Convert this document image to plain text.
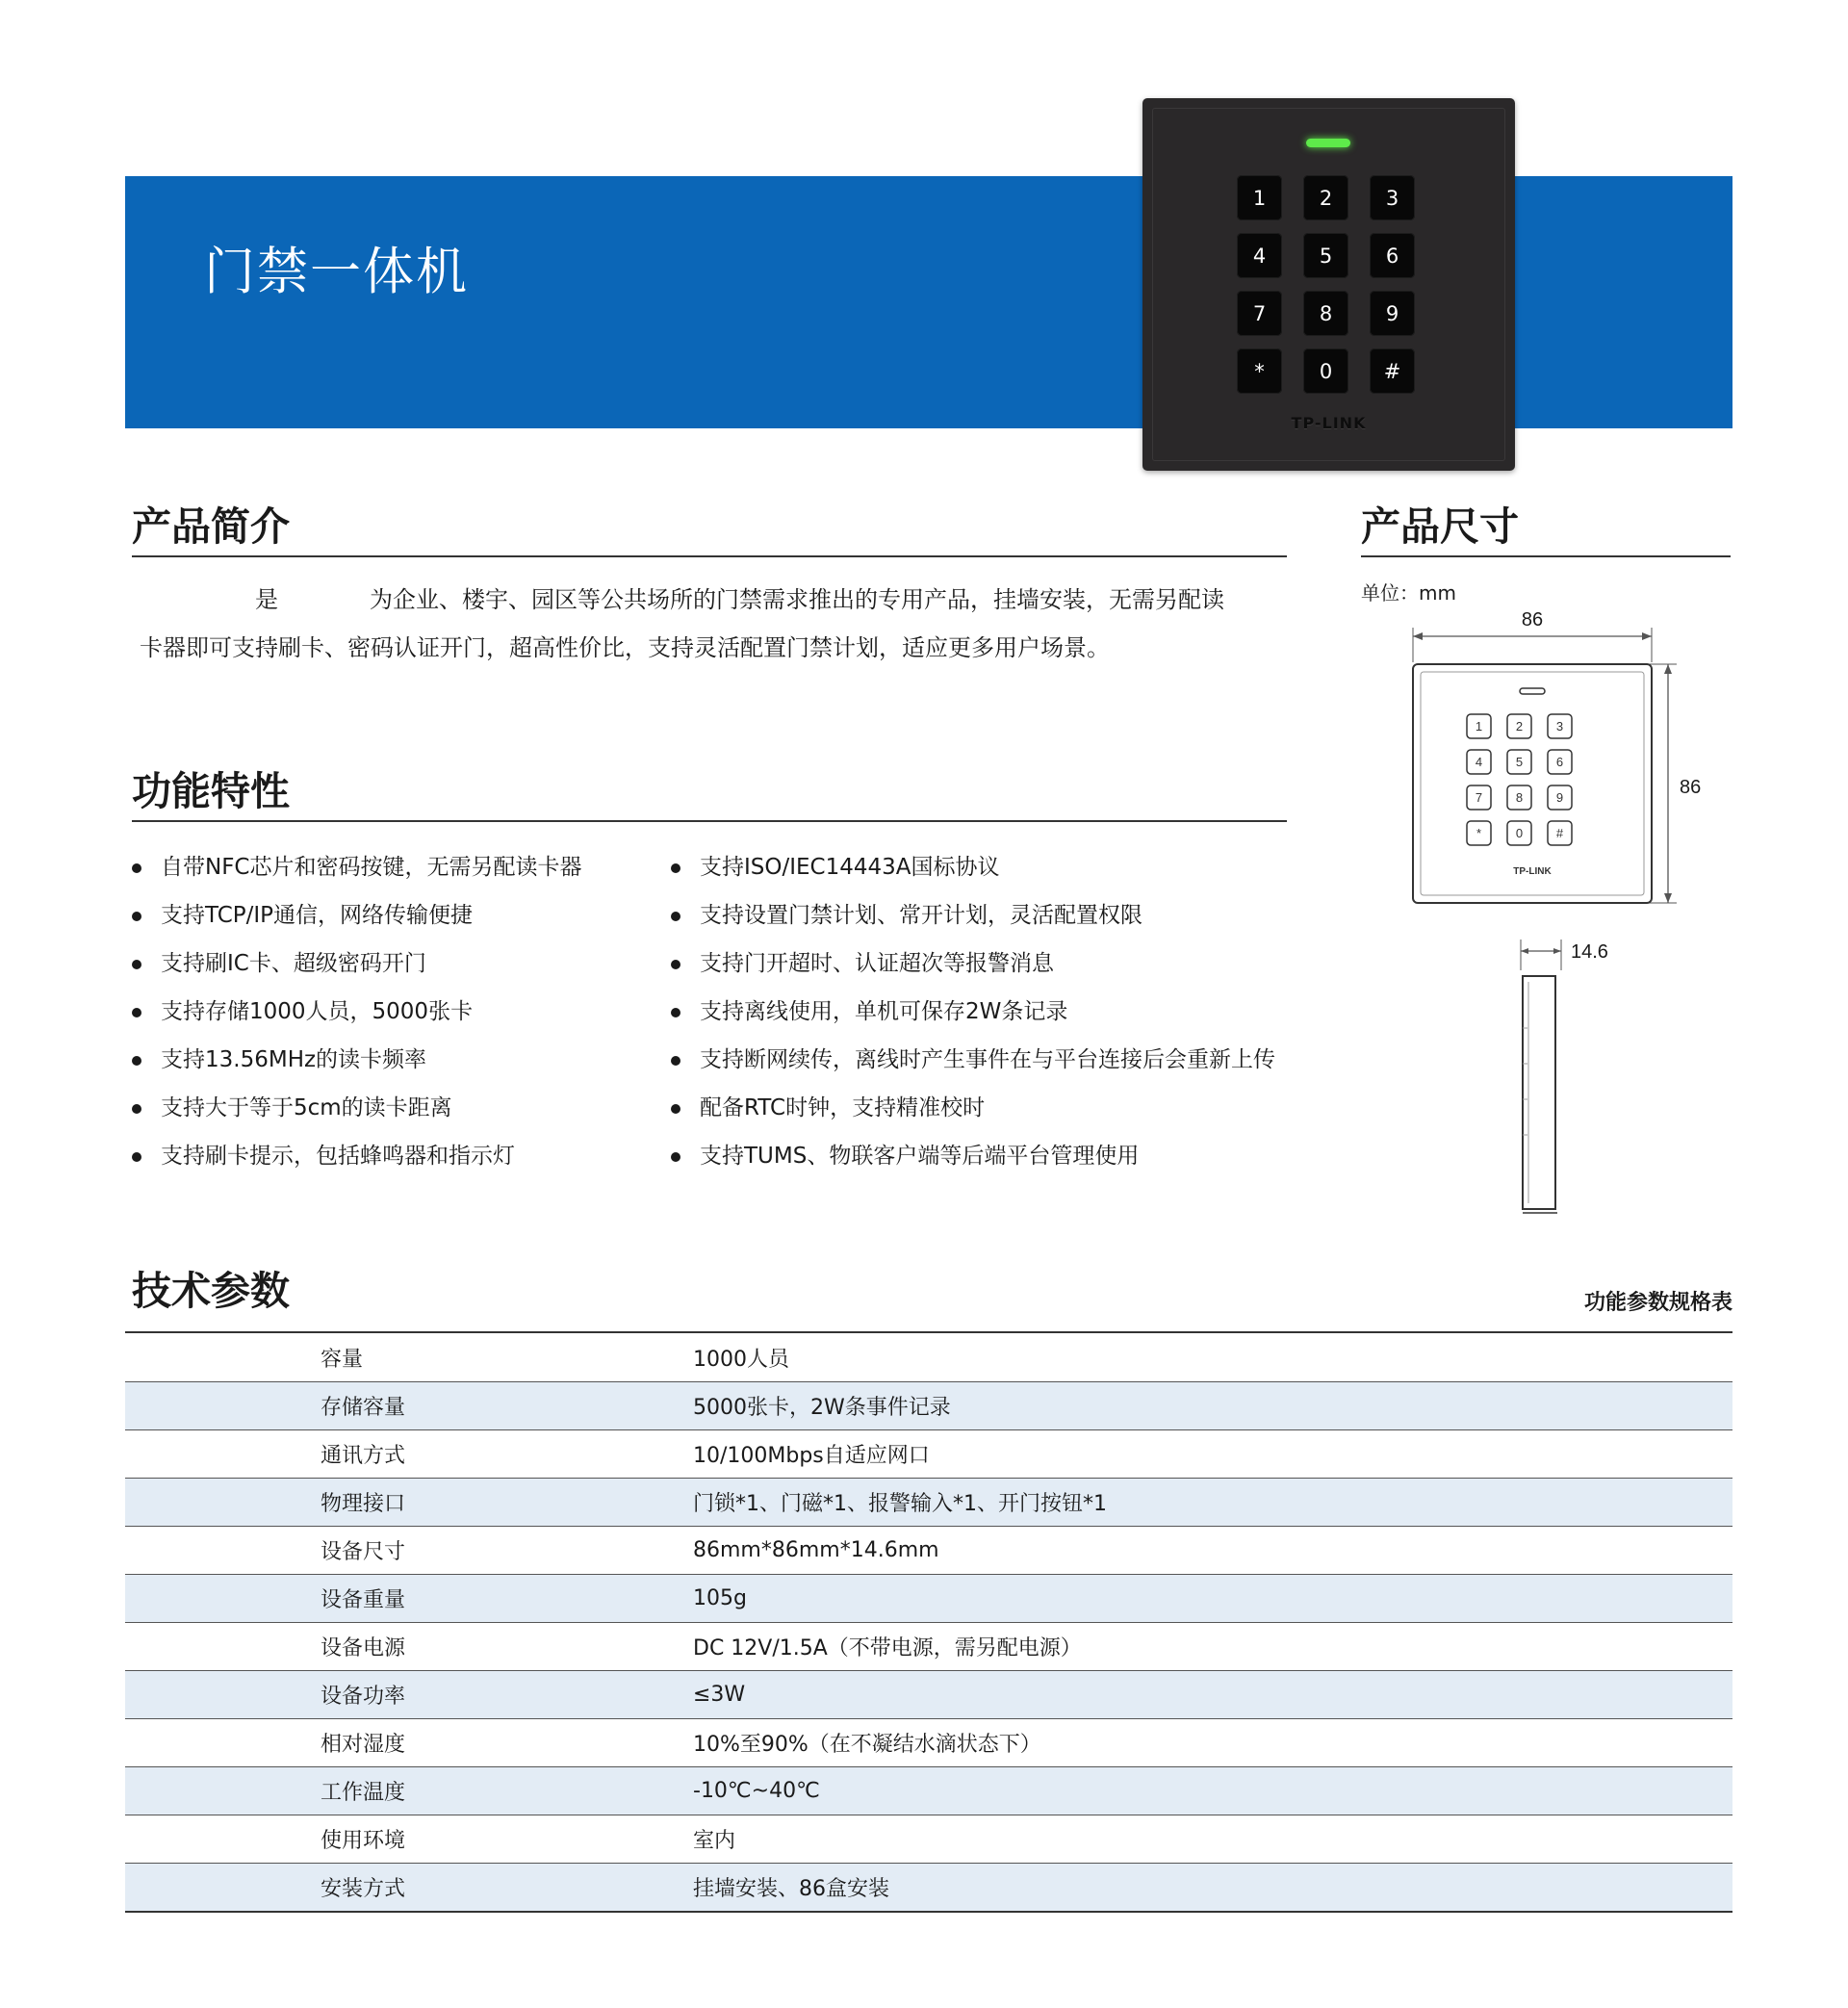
门禁一体机
1	2	3
4	5	6
7	8	9
*	0	#
TP-LINK
产品简介
是	为企业、楼宇、园区等公共场所的门禁需求推出的专用产品，挂墙安装，无需另配读
卡器即可支持刷卡、密码认证开门，超高性价比，支持灵活配置门禁计划，适应更多用户场景。
功能特性
自带NFC芯片和密码按键，无需另配读卡器
支持TCP/IP通信，网络传输便捷
支持刷IC卡、超级密码开门
支持存储1000人员，5000张卡
支持13.56MHz的读卡频率
支持大于等于5cm的读卡距离
支持刷卡提示，包括蜂鸣器和指示灯
支持ISO/IEC14443A国标协议
支持设置门禁计划、常开计划，灵活配置权限
支持门开超时、认证超次等报警消息
支持离线使用，单机可保存2W条记录
支持断网续传，离线时产生事件在与平台连接后会重新上传
配备RTC时钟，支持精准校时
支持TUMS、物联客户端等后端平台管理使用
产品尺寸
单位：mm
86
86
1	2	3
4	5	6
7	8	9
*	0	#
TP-LINK
14.6
技术参数	功能参数规格表
容量	1000人员
存储容量	5000张卡，2W条事件记录
通讯方式	10/100Mbps自适应网口
物理接口	门锁*1、门磁*1、报警输入*1、开门按钮*1
设备尺寸	86mm*86mm*14.6mm
设备重量	105g
设备电源	DC 12V/1.5A（不带电源，需另配电源）
设备功率	≤3W
相对湿度	10%至90%（在不凝结水滴状态下）
工作温度	-10℃~40℃
使用环境	室内
安装方式	挂墙安装、86盒安装
